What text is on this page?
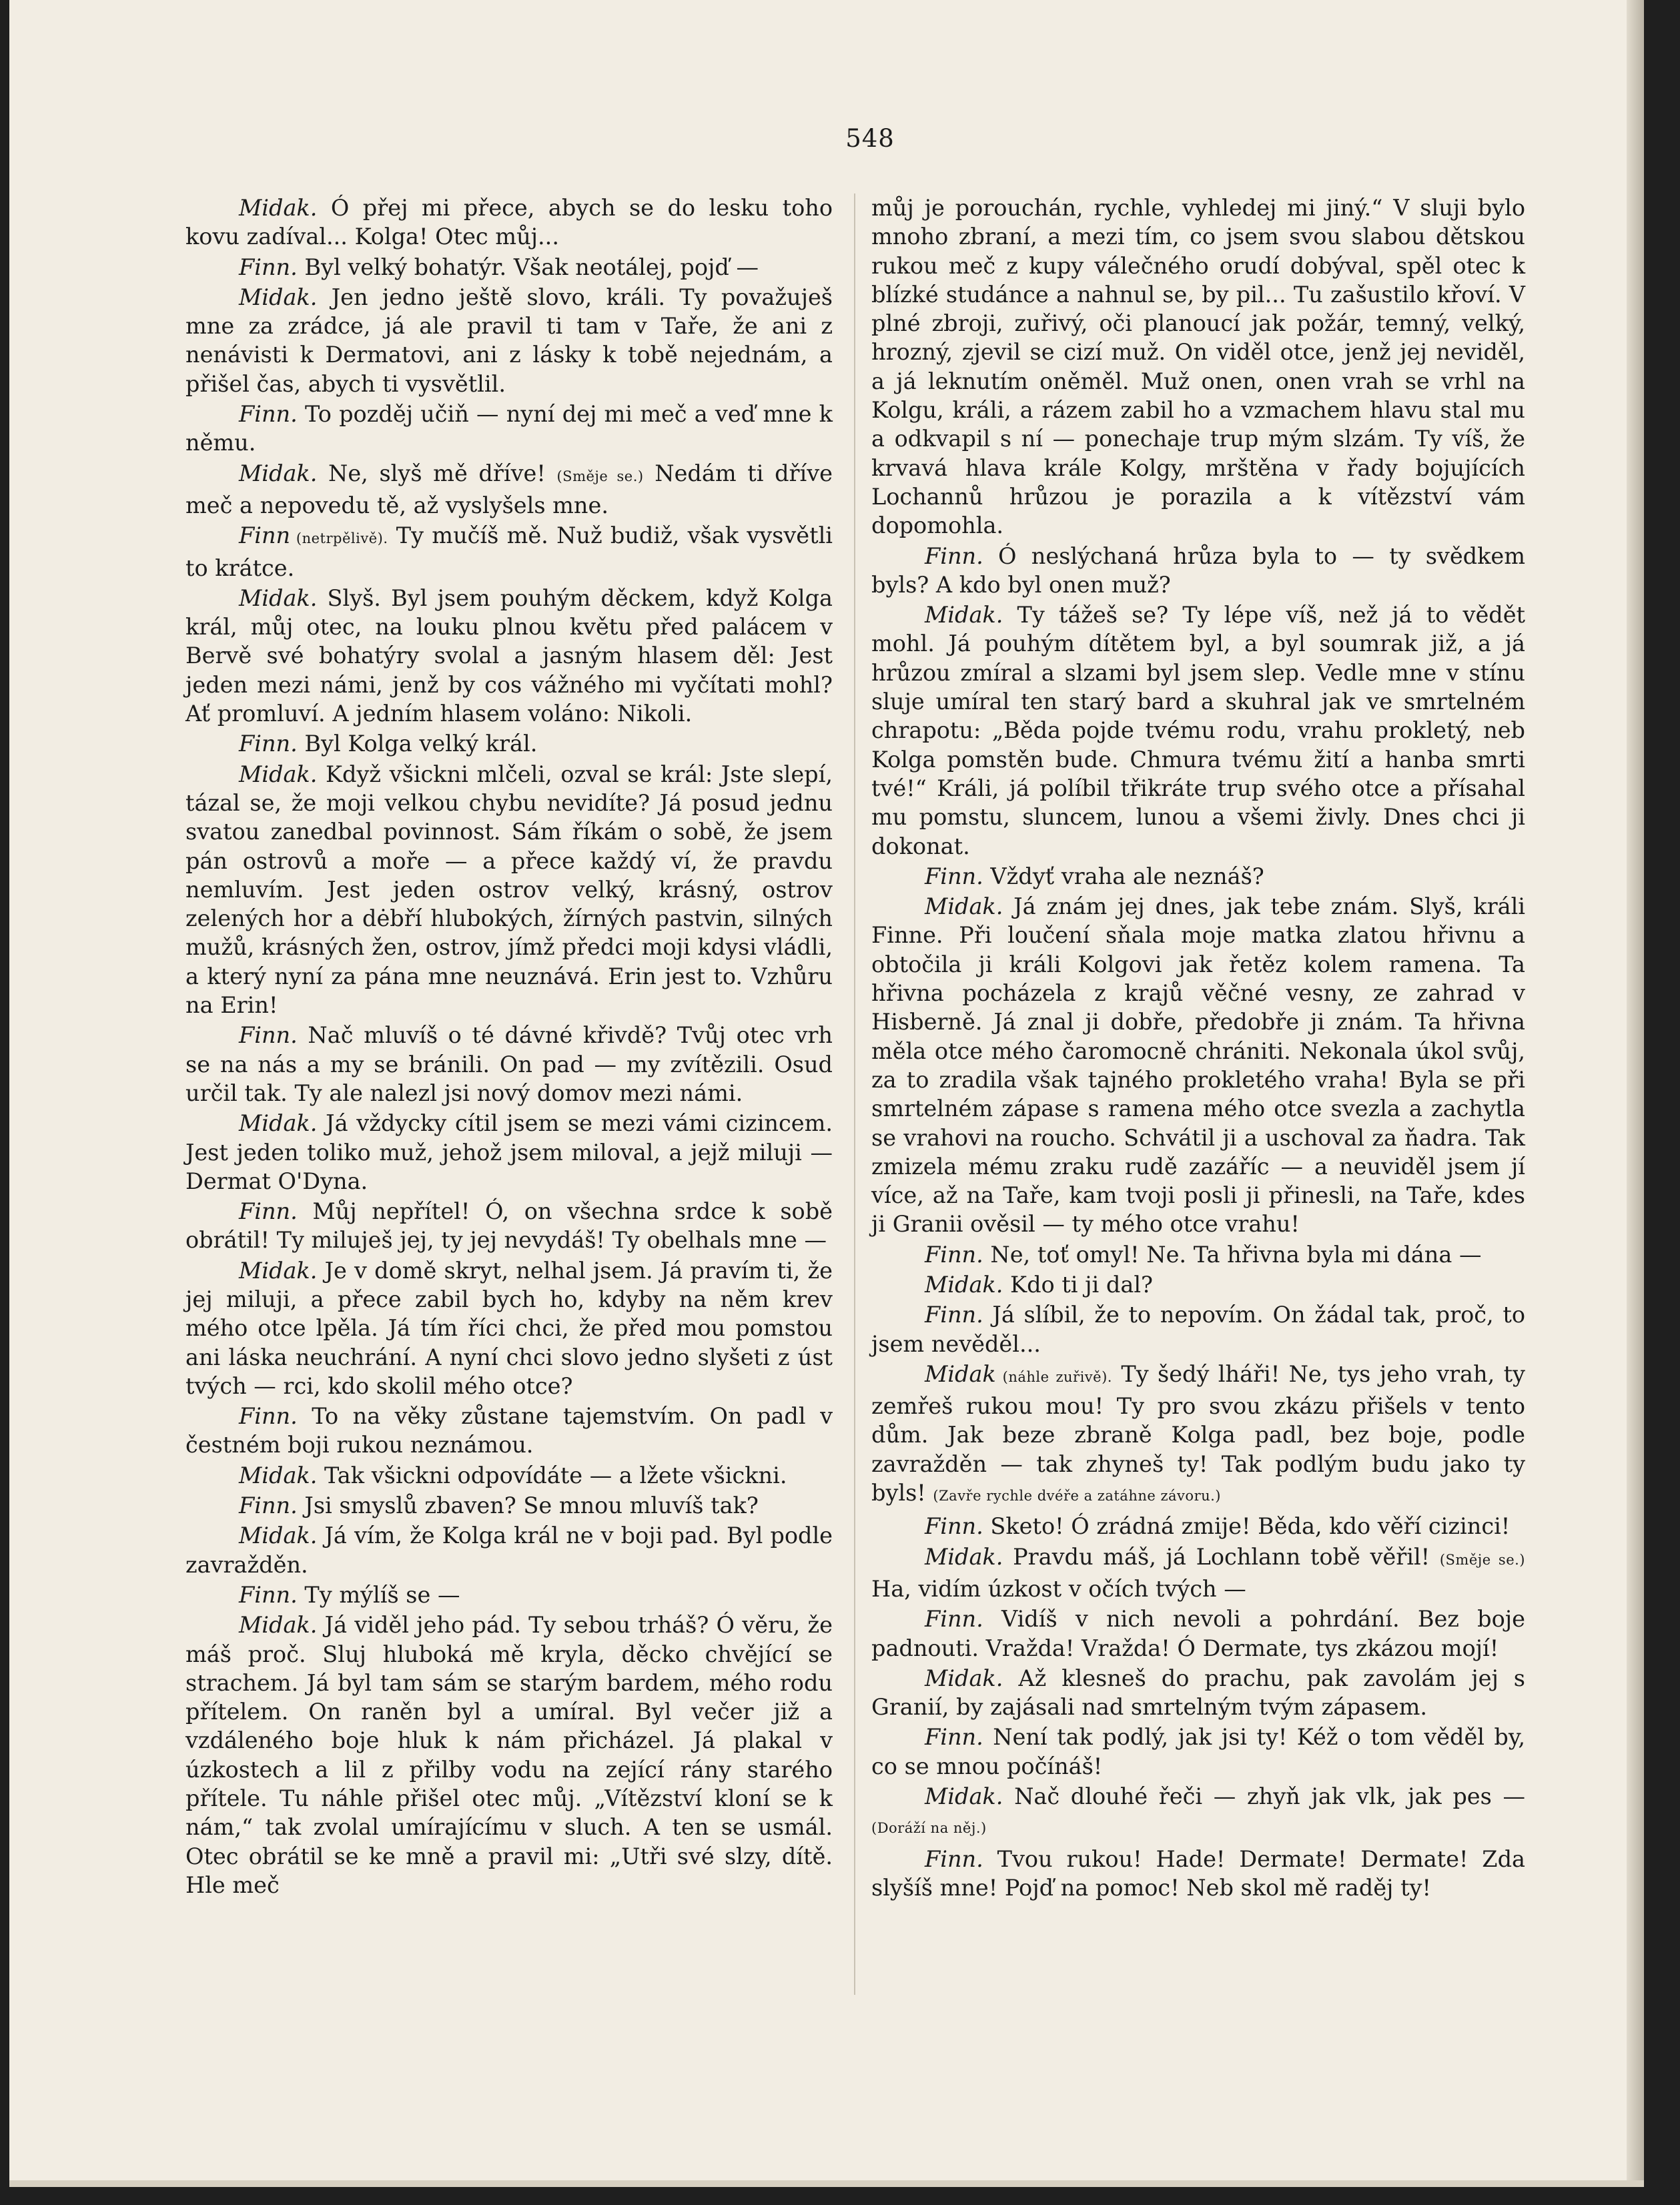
548

Midak. Ó přej mi přece, abych se do lesku toho kovu zadíval... Kolga! Otec můj...

Finn. Byl velký bohatýr. Však neotálej, pojď —

Midak. Jen jedno ještě slovo, králi. Ty považuješ mne za zrádce, já ale pravil ti tam v Taře, že ani z nenávisti k Dermatovi, ani z lásky k tobě nejednám, a přišel čas, abych ti vysvětlil.

Finn. To pozděj učiň — nyní dej mi meč a veď mne k němu.

Midak. Ne, slyš mě dříve! (Směje se.) Nedám ti dříve meč a nepovedu tě, až vyslyšels mne.

Finn (netrpělivě). Ty mučíš mě. Nuž budiž, však vysvětli to krátce.

Midak. Slyš. Byl jsem pouhým děckem, když Kolga král, můj otec, na louku plnou květu před palácem v Bervě své bohatýry svolal a jasným hlasem děl: Jest jeden mezi námi, jenž by cos vážného mi vyčítati mohl? Ať promluví. A jedním hlasem voláno: Nikoli.

Finn. Byl Kolga velký král.

Midak. Když všickni mlčeli, ozval se král: Jste slepí, tázal se, že moji velkou chybu nevidíte? Já posud jednu svatou zanedbal povinnost. Sám říkám o sobě, že jsem pán ostrovů a moře — a přece každý ví, že pravdu nemluvím. Jest jeden ostrov velký, krásný, ostrov zelených hor a dėbří hlubokých, žírných pastvin, silných mužů, krásných žen, ostrov, jímž předci moji kdysi vládli, a který nyní za pána mne neuznává. Erin jest to. Vzhůru na Erin!

Finn. Nač mluvíš o té dávné křivdě? Tvůj otec vrh se na nás a my se bránili. On pad — my zvítězili. Osud určil tak. Ty ale nalezl jsi nový domov mezi námi.

Midak. Já vždycky cítil jsem se mezi vámi cizincem. Jest jeden toliko muž, jehož jsem miloval, a jejž miluji — Dermat O'Dyna.

Finn. Můj nepřítel! Ó, on všechna srdce k sobě obrátil! Ty miluješ jej, ty jej nevydáš! Ty obelhals mne —

Midak. Je v domě skryt, nelhal jsem. Já pravím ti, že jej miluji, a přece zabil bych ho, kdyby na něm krev mého otce lpěla. Já tím říci chci, že před mou pomstou ani láska neuchrání. A nyní chci slovo jedno slyšeti z úst tvých — rci, kdo skolil mého otce?

Finn. To na věky zůstane tajemstvím. On padl v čestném boji rukou neznámou.

Midak. Tak všickni odpovídáte — a lžete všickni.

Finn. Jsi smyslů zbaven? Se mnou mluvíš tak?

Midak. Já vím, že Kolga král ne v boji pad. Byl podle zavražděn.

Finn. Ty mýlíš se —

Midak. Já viděl jeho pád. Ty sebou trháš? Ó věru, že máš proč. Sluj hluboká mě kryla, děcko chvějící se strachem. Já byl tam sám se starým bardem, mého rodu přítelem. On raněn byl a umíral. Byl večer již a vzdáleného boje hluk k nám přicházel. Já plakal v úzkostech a lil z přilby vodu na zející rány starého přítele. Tu náhle přišel otec můj. „Vítězství kloní se k nám,“ tak zvolal umírajícímu v sluch. A ten se usmál. Otec obrátil se ke mně a pravil mi: „Utři své slzy, dítě. Hle meč

můj je porouchán, rychle, vyhledej mi jiný.“ V sluji bylo mnoho zbraní, a mezi tím, co jsem svou slabou dětskou rukou meč z kupy válečného orudí dobýval, spěl otec k blízké studánce a nahnul se, by pil... Tu zašustilo křoví. V plné zbroji, zuřivý, oči planoucí jak požár, temný, velký, hrozný, zjevil se cizí muž. On viděl otce, jenž jej neviděl, a já leknutím oněměl. Muž onen, onen vrah se vrhl na Kolgu, králi, a rázem zabil ho a vzmachem hlavu stal mu a odkvapil s ní — ponechaje trup mým slzám. Ty víš, že krvavá hlava krále Kolgy, mrštěna v řady bojujících Lochannů hrůzou je porazila a k vítězství vám dopomohla.

Finn. Ó neslýchaná hrůza byla to — ty svědkem byls? A kdo byl onen muž?

Midak. Ty tážeš se? Ty lépe víš, než já to vědět mohl. Já pouhým dítětem byl, a byl soumrak již, a já hrůzou zmíral a slzami byl jsem slep. Vedle mne v stínu sluje umíral ten starý bard a skuhral jak ve smrtelném chrapotu: „Běda pojde tvému rodu, vrahu prokletý, neb Kolga pomstěn bude. Chmura tvému žití a hanba smrti tvé!“ Králi, já políbil třikráte trup svého otce a přísahal mu pomstu, sluncem, lunou a všemi živly. Dnes chci ji dokonat.

Finn. Vždyť vraha ale neznáš?

Midak. Já znám jej dnes, jak tebe znám. Slyš, králi Finne. Při loučení sňala moje matka zlatou hřivnu a obtočila ji králi Kolgovi jak řetěz kolem ramena. Ta hřivna pocházela z krajů věčné vesny, ze zahrad v Hisberně. Já znal ji dobře, předobře ji znám. Ta hřivna měla otce mého čaromocně chrániti. Nekonala úkol svůj, za to zradila však tajného prokletého vraha! Byla se při smrtelném zápase s ramena mého otce svezla a zachytla se vrahovi na roucho. Schvátil ji a uschoval za ňadra. Tak zmizela mému zraku rudě zazáříc — a neuviděl jsem jí více, až na Taře, kam tvoji posli ji přinesli, na Taře, kdes ji Granii ověsil — ty mého otce vrahu!

Finn. Ne, toť omyl! Ne. Ta hřivna byla mi dána —

Midak. Kdo ti ji dal?

Finn. Já slíbil, že to nepovím. On žádal tak, proč, to jsem nevěděl...

Midak (náhle zuřivě). Ty šedý lháři! Ne, tys jeho vrah, ty zemřeš rukou mou! Ty pro svou zkázu přišels v tento dům. Jak beze zbraně Kolga padl, bez boje, podle zavražděn — tak zhyneš ty! Tak podlým budu jako ty byls! (Zavře rychle dvéře a zatáhne závoru.)

Finn. Sketo! Ó zrádná zmije! Běda, kdo věří cizinci!

Midak. Pravdu máš, já Lochlann tobě věřil! (Směje se.) Ha, vidím úzkost v očích tvých —

Finn. Vidíš v nich nevoli a pohrdání. Bez boje padnouti. Vražda! Vražda! Ó Dermate, tys zkázou mojí!

Midak. Až klesneš do prachu, pak zavolám jej s Granií, by zajásali nad smrtelným tvým zápasem.

Finn. Není tak podlý, jak jsi ty! Kéž o tom věděl by, co se mnou počínáš!

Midak. Nač dlouhé řeči — zhyň jak vlk, jak pes — (Doráží na něj.)

Finn. Tvou rukou! Hade! Dermate! Dermate! Zda slyšíš mne! Pojď na pomoc! Neb skol mě raděj ty!
